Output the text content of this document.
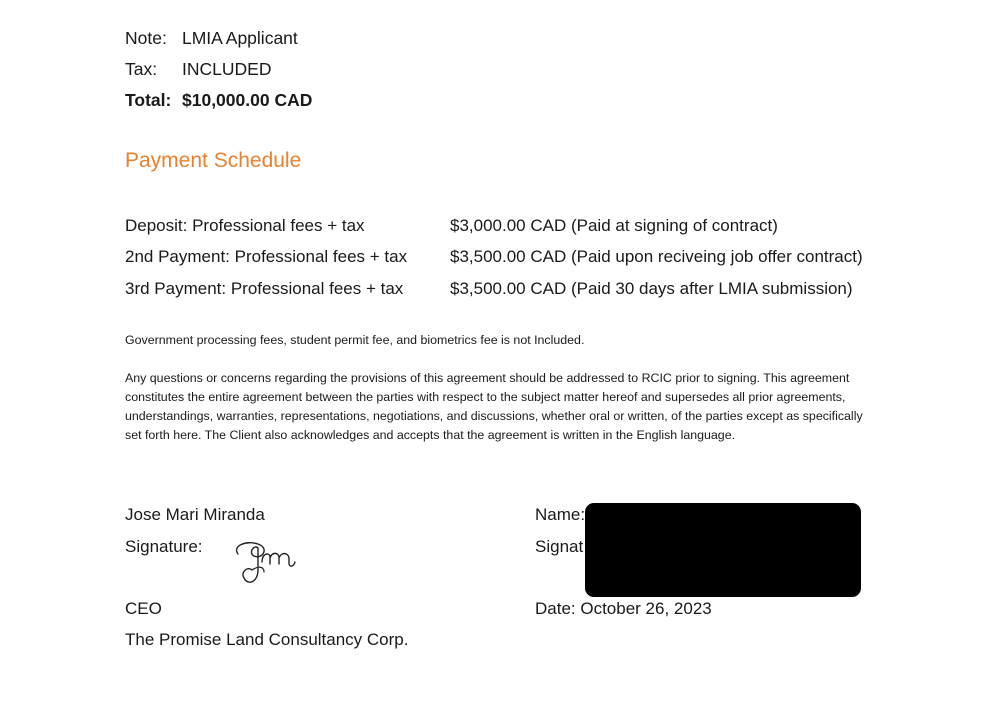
Note: LMIA Applicant
Tax: INCLUDED
Total: $10,000.00 CAD
Payment Schedule
Deposit: Professional fees + tax	$3,000.00 CAD (Paid at signing of contract)
2nd Payment: Professional fees + tax	$3,500.00 CAD (Paid upon reciveing job offer contract)
3rd Payment: Professional fees + tax	$3,500.00 CAD (Paid 30 days after LMIA submission)
Government processing fees, student permit fee, and biometrics fee is not Included.
Any questions or concerns regarding the provisions of this agreement should be addressed to RCIC prior to signing. This agreement constitutes the entire agreement between the parties with respect to the subject matter hereof and supersedes all prior agreements, understandings, warranties, representations, negotiations, and discussions, whether oral or written, of the parties except as specifically set forth here. The Client also acknowledges and accepts that the agreement is written in the English language.
Jose Mari Miranda
Signature:
CEO
The Promise Land Consultancy Corp.
Name:
Signat
Date: October 26, 2023
